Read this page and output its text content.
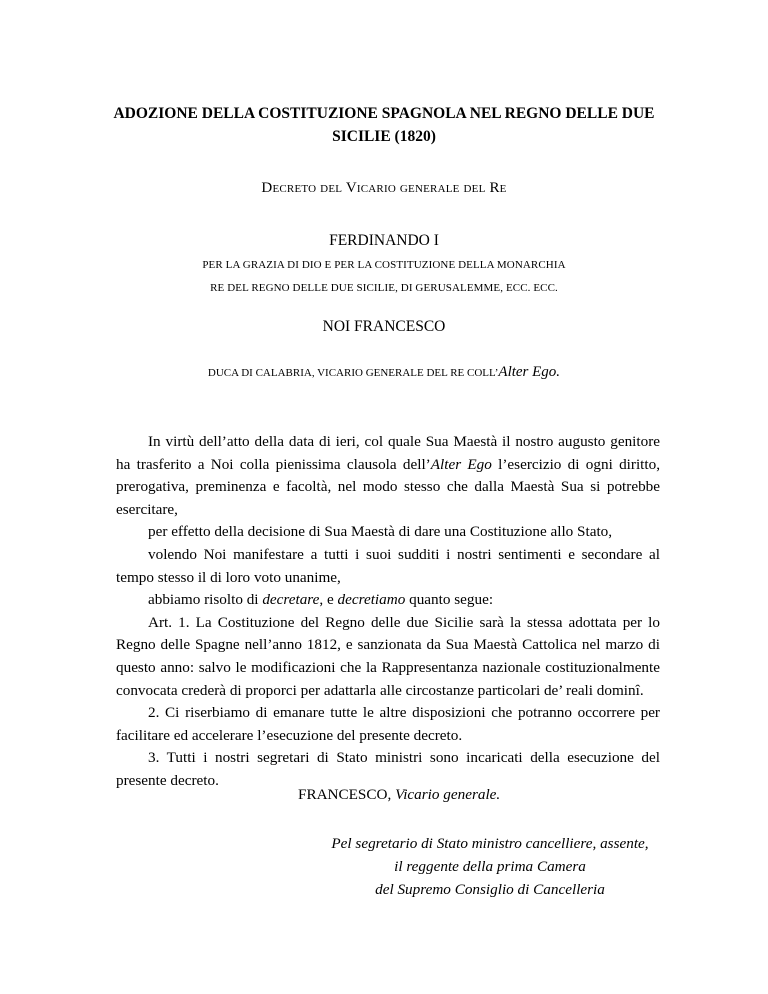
ADOZIONE DELLA COSTITUZIONE SPAGNOLA NEL REGNO DELLE DUE
SICILIE (1820)
Decreto del Vicario generale del Re
FERDINANDO I
PER LA GRAZIA DI DIO E PER LA COSTITUZIONE DELLA MONARCHIA
RE DEL REGNO DELLE DUE SICILIE, DI GERUSALEMME, ECC. ECC.
NOI FRANCESCO
DUCA DI CALABRIA, VICARIO GENERALE DEL RE COLL’Alter Ego.

In virtù dell’atto della data di ieri, col quale Sua Maestà il nostro augusto genitore ha trasferito a Noi colla pienissima clausola dell’Alter Ego l’esercizio di ogni diritto, prerogativa, preminenza e facoltà, nel modo stesso che dalla Maestà Sua si potrebbe esercitare,

per effetto della decisione di Sua Maestà di dare una Costituzione allo Stato,

volendo Noi manifestare a tutti i suoi sudditi i nostri sentimenti e secondare al tempo stesso il di loro voto unanime,

abbiamo risolto di decretare, e decretiamo quanto segue:

Art. 1. La Costituzione del Regno delle due Sicilie sarà la stessa adottata per lo Regno delle Spagne nell’anno 1812, e sanzionata da Sua Maestà Cattolica nel marzo di questo anno: salvo le modificazioni che la Rappresentanza nazionale costituzionalmente convocata crederà di proporci per adattarla alle circostanze particolari de’ reali dominî.

2. Ci riserbiamo di emanare tutte le altre disposizioni che potranno occorrere per facilitare ed accelerare l’esecuzione del presente decreto.

3. Tutti i nostri segretari di Stato ministri sono incaricati della esecuzione del presente decreto.

FRANCESCO, Vicario generale.
Pel segretario di Stato ministro cancelliere, assente,
il reggente della prima Camera
del Supremo Consiglio di Cancelleria
